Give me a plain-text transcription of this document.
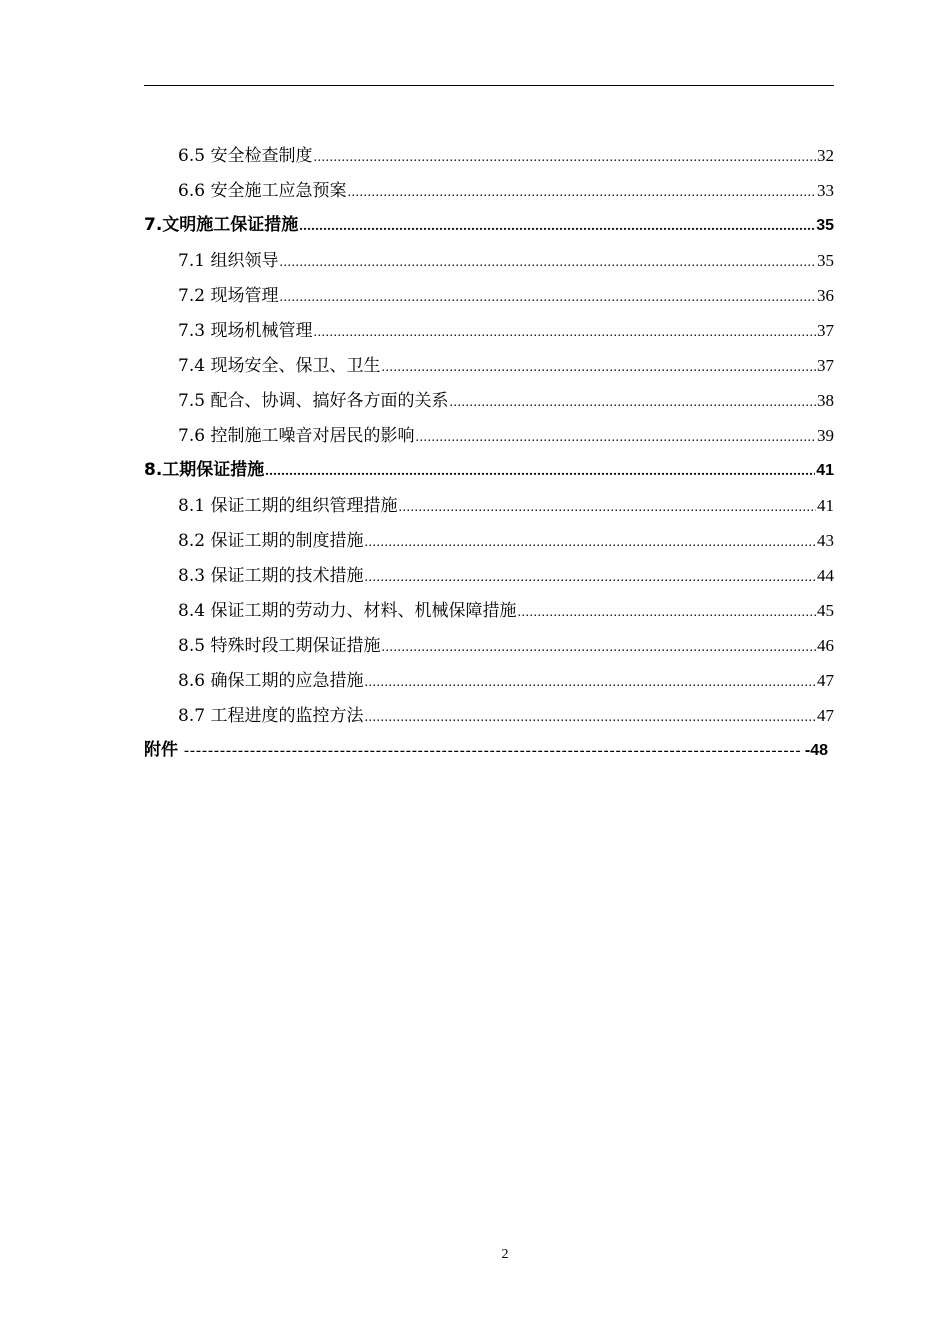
6.5 安全检查制度 .....	32
6.6 安全施工应急预案 .....	33
7.文明施工保证措施 .....	35
7.1 组织领导 .....	35
7.2 现场管理 .....	36
7.3 现场机械管理 .....	37
7.4 现场安全、保卫、卫生 .....	37
7.5 配合、协调、搞好各方面的关系 .....	38
7.6 控制施工噪音对居民的影响 .....	39
8.工期保证措施 .....	41
8.1 保证工期的组织管理措施 .....	41
8.2 保证工期的制度措施 .....	43
8.3 保证工期的技术措施 .....	44
8.4 保证工期的劳动力、材料、机械保障措施 .....	45
8.5 特殊时段工期保证措施 .....	46
8.6 确保工期的应急措施 .....	47
8.7 工程进度的监控方法 .....	47
附件 -----	-48
2
